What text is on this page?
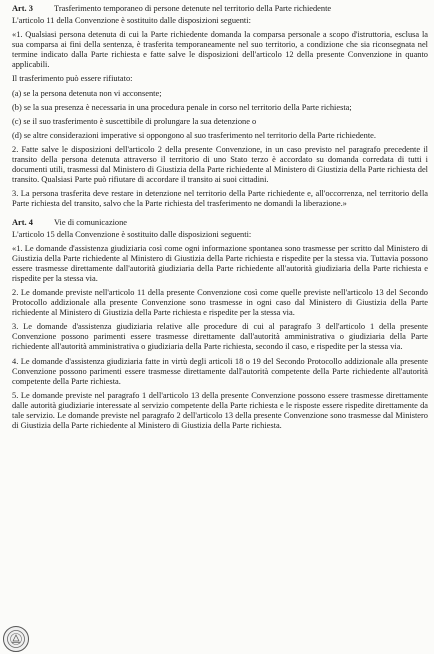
Art. 3	Trasferimento temporaneo di persone detenute nel territorio della Parte richiedente

L'articolo 11 della Convenzione è sostituito dalle disposizioni seguenti:

«1. Qualsiasi persona detenuta di cui la Parte richiedente domanda la comparsa personale a scopo d'istruttoria, esclusa la sua comparsa ai fini della sentenza, è trasferita temporaneamente nel suo territorio, a condizione che sia riconsegnata nel termine indicato dalla Parte richiesta e fatte salve le disposizioni dell'articolo 12 della presente Convenzione in quanto applicabili.

Il trasferimento può essere rifiutato:

(a) se la persona detenuta non vi acconsente;

(b) se la sua presenza è necessaria in una procedura penale in corso nel territorio della Parte richiesta;

(c) se il suo trasferimento è suscettibile di prolungare la sua detenzione o

(d) se altre considerazioni imperative si oppongono al suo trasferimento nel territorio della Parte richiedente.

2. Fatte salve le disposizioni dell'articolo 2 della presente Convenzione, in un caso previsto nel paragrafo precedente il transito della persona detenuta attraverso il territorio di uno Stato terzo è accordato su domanda corredata di tutti i documenti utili, trasmessi dal Ministero di Giustizia della Parte richiedente al Ministero di Giustizia della Parte richiesta del transito. Qualsiasi Parte può rifiutare di accordare il transito ai suoi cittadini.

3. La persona trasferita deve restare in detenzione nel territorio della Parte richiedente e, all'occorrenza, nel territorio della Parte richiesta del transito, salvo che la Parte richiesta del trasferimento ne domandi la liberazione.»

Art. 4	Vie di comunicazione

L'articolo 15 della Convenzione è sostituito dalle disposizioni seguenti:

«1. Le domande d'assistenza giudiziaria così come ogni informazione spontanea sono trasmesse per scritto dal Ministero di Giustizia della Parte richiedente al Ministero di Giustizia della Parte richiesta e rispedite per la stessa via. Tuttavia possono essere trasmesse direttamente dall'autorità giudiziaria della Parte richiedente all'autorità giudiziaria della Parte richiesta e rispedite per la stessa via.

2. Le domande previste nell'articolo 11 della presente Convenzione così come quelle previste nell'articolo 13 del Secondo Protocollo addizionale alla presente Convenzione sono trasmesse in ogni caso dal Ministero di Giustizia della Parte richiedente al Ministero di Giustizia della Parte richiesta e rispedite per la stessa via.

3. Le domande d'assistenza giudiziaria relative alle procedure di cui al paragrafo 3 dell'articolo 1 della presente Convenzione possono parimenti essere trasmesse direttamente dall'autorità amministrativa o giudiziaria della Parte richiedente all'autorità amministrativa o giudiziaria della Parte richiesta, secondo il caso, e rispedite per la stessa via.

4. Le domande d'assistenza giudiziaria fatte in virtù degli articoli 18 o 19 del Secondo Protocollo addizionale alla presente Convenzione possono parimenti essere trasmesse direttamente dall'autorità competente della Parte richiedente all'autorità competente della Parte richiesta.

5. Le domande previste nel paragrafo 1 dell'articolo 13 della presente Convenzione possono essere trasmesse direttamente dalle autorità giudiziarie interessate al servizio competente della Parte richiesta e le risposte essere rispedite direttamente da tale servizio. Le domande previste nel paragrafo 2 dell'articolo 13 della presente Convenzione sono trasmesse dal Ministero di Giustizia della Parte richiedente al Ministero di Giustizia della Parte richiesta.
